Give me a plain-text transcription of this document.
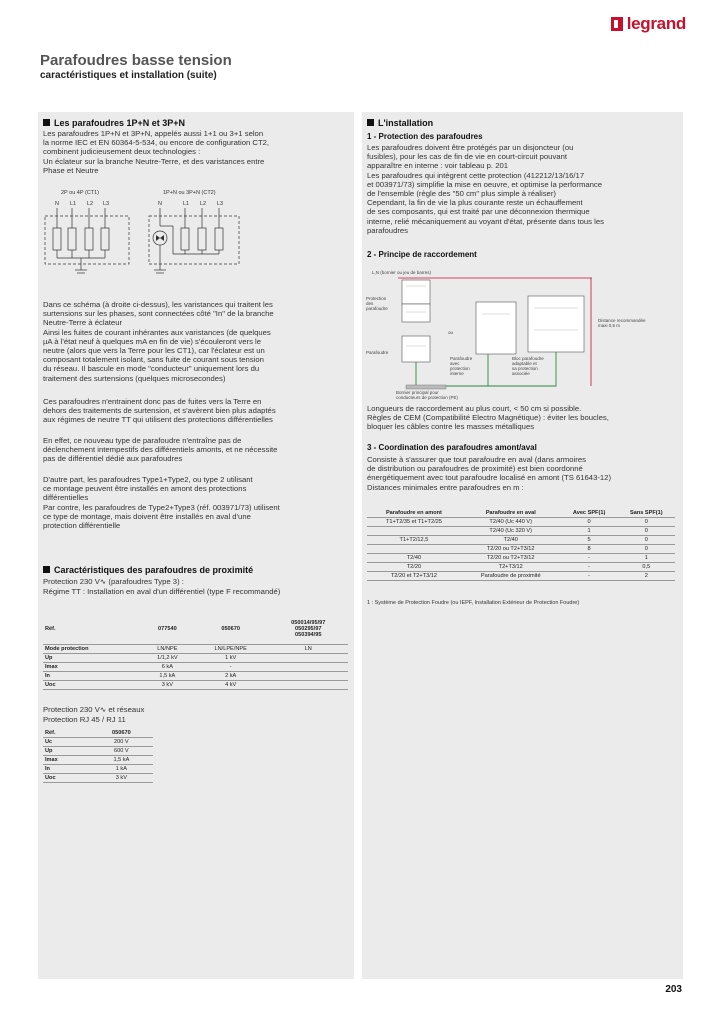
legrand
Parafoudres basse tension
caractéristiques et installation (suite)
Les parafoudres 1P+N et 3P+N
Les parafoudres 1P+N et 3P+N, appelés aussi 1+1 ou 3+1 selon
la norme IEC et EN 60364-5-534, ou encore de configuration CT2,
combinent judicieusement deux technologies :
Un éclateur sur la branche Neutre-Terre, et des varistances entre
Phase et Neutre
2P ou 4P (CT1)	1P+N ou 3P+N (CT2)
N L1 L2 L3	N	L1 L2 L3
Dans ce schéma (à droite ci-dessus), les varistances qui traitent les
surtensions sur les phases, sont connectées côté "In" de la branche
Neutre-Terre à éclateur
Ainsi les fuites de courant inhérantes aux varistances (de quelques
µA à l'état neuf à quelques mA en fin de vie) s'écouleront vers le
neutre (alors que vers la Terre pour les CT1), car l'éclateur est un
composant totalement isolant, sans fuite de courant sous tension
du réseau. Il bascule en mode "conducteur" uniquement lors du
traitement des surtensions (quelques microsecondes)
Ces parafoudres n'entrainent donc pas de fuites vers la Terre en
dehors des traitements de surtension, et s'avèrent bien plus adaptés
aux régimes de neutre TT qui utilisent des protections différentielles
En effet, ce nouveau type de parafoudre n'entraîne pas de
déclenchement intempestifs des différentiels amonts, et ne nécessite
pas de différentiel dédié aux parafoudres
D'autre part, les parafoudres Type1+Type2, ou type 2 utilisant
ce montage peuvent être installés en amont des protections
différentielles
Par contre, les parafoudres de Type2+Type3 (réf. 003971/73) utilisent
ce type de montage, mais doivent être installés en aval d'une
protection différentielle
Caractéristiques des parafoudres de proximité
Protection 230 V∿ (parafoudres Type 3) :
Régime TT : Installation en aval d'un différentiel (type F recommandé)
Réf.	077540	050670	050014/95/97
050295/97
050394/95
Mode protection	LN/NPE	LN/LPE/NPE	LN
Up	1/1,2 kV	1 kV	
Imax	6 kA	-	
In	1,5 kA	2 kA	
Uoc	3 kV	4 kV	
Protection 230 V∿ et réseaux
Protection RJ 45 / RJ 11
Réf.	050670
Uc	200 V
Up	600 V
Imax	1,5 kA
In	1 kA
Uoc	3 kV
L'installation
1 - Protection des parafoudres
Les parafoudres doivent être protégés par un disjoncteur (ou
fusibles), pour les cas de fin de vie en court-circuit pouvant
apparaître en interne : voir tableau p. 201
Les parafoudres qui intègrent cette protection (412212/13/16/17
et 003971/73) simplifie la mise en oeuvre, et optimise la performance
de l'ensemble (règle des "50 cm" plus simple à réaliser)
Cependant, la fin de vie la plus courante reste un échauffement
de ses composants, qui est traité par une déconnexion thermique
interne, relié mécaniquement au voyant d'état, présente dans tous les
parafoudres
2 - Principe de raccordement
L,N (bornier ou jeu de barres)
Protection
des
parafoudre
Parafoudre
ou
Parafoudre
avec
protection
interne
Bloc parafoudre
adaptable et
sa protection
associée
Distance recommandée
maxi 0,5 m
Bornier principal pour
conducteurs de protection (PE)
Longueurs de raccordement au plus court, < 50 cm si possible.
Règles de CEM (Compatibilité Electro Magnétique) : éviter les boucles,
bloquer les câbles contre les masses métalliques
3 - Coordination des parafoudres amont/aval
Consiste à s'assurer que tout parafoudre en aval (dans armoires
de distribution ou parafoudres de proximité) est bien coordonné
énergétiquement avec tout parafoudre localisé en amont (TS 61643-12)
Distances minimales entre parafoudres en m :
Parafoudre en amont	Parafoudre en aval	Avec SPF(1)	Sans SPF(1)
T1+T2/35 et T1+T2/25	T2/40 (Uc 440 V)	0	0
	T2/40 (Uc 320 V)	1	0
T1+T2/12,5	T2/40	5	0
	T2/20 ou T2+T3/12	8	0
T2/40	T2/20 ou T2+T3/12	-	1
T2/20	T2+T3/12	-	0,5
T2/20 et T2+T3/12	Parafoudre de proximité	-	2
1 : Système de Protection Foudre (ou IEPF, Installation Extérieur de Protection Foudre)
203
